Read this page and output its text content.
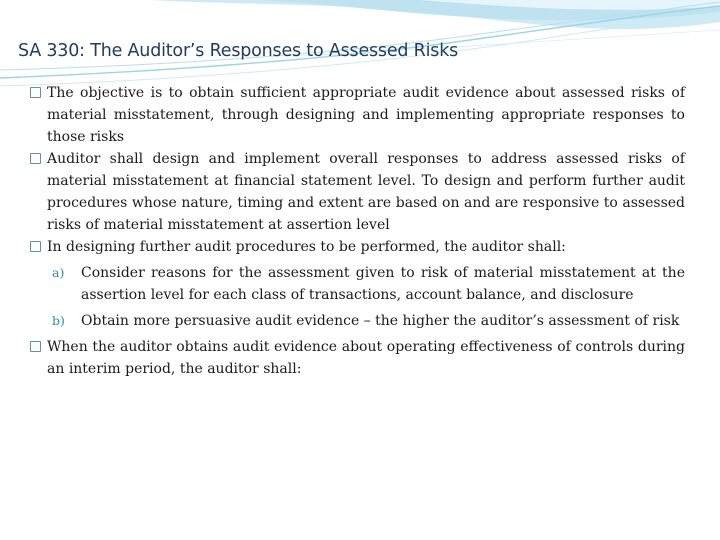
SA 330: The Auditor’s Responses to Assessed Risks

The objective is to obtain sufficient appropriate audit evidence about assessed risks of material misstatement, through designing and implementing appropriate responses to those risks

Auditor shall design and implement overall responses to address assessed risks of material misstatement at financial statement level. To design and perform further audit procedures whose nature, timing and extent are based on and are responsive to assessed risks of material misstatement at assertion level

In designing further audit procedures to be performed, the auditor shall:

a) Consider reasons for the assessment given to risk of material misstatement at the assertion level for each class of transactions, account balance, and disclosure

b) Obtain more persuasive audit evidence – the higher the auditor’s assessment of risk

When the auditor obtains audit evidence about operating effectiveness of controls during an interim period, the auditor shall:
